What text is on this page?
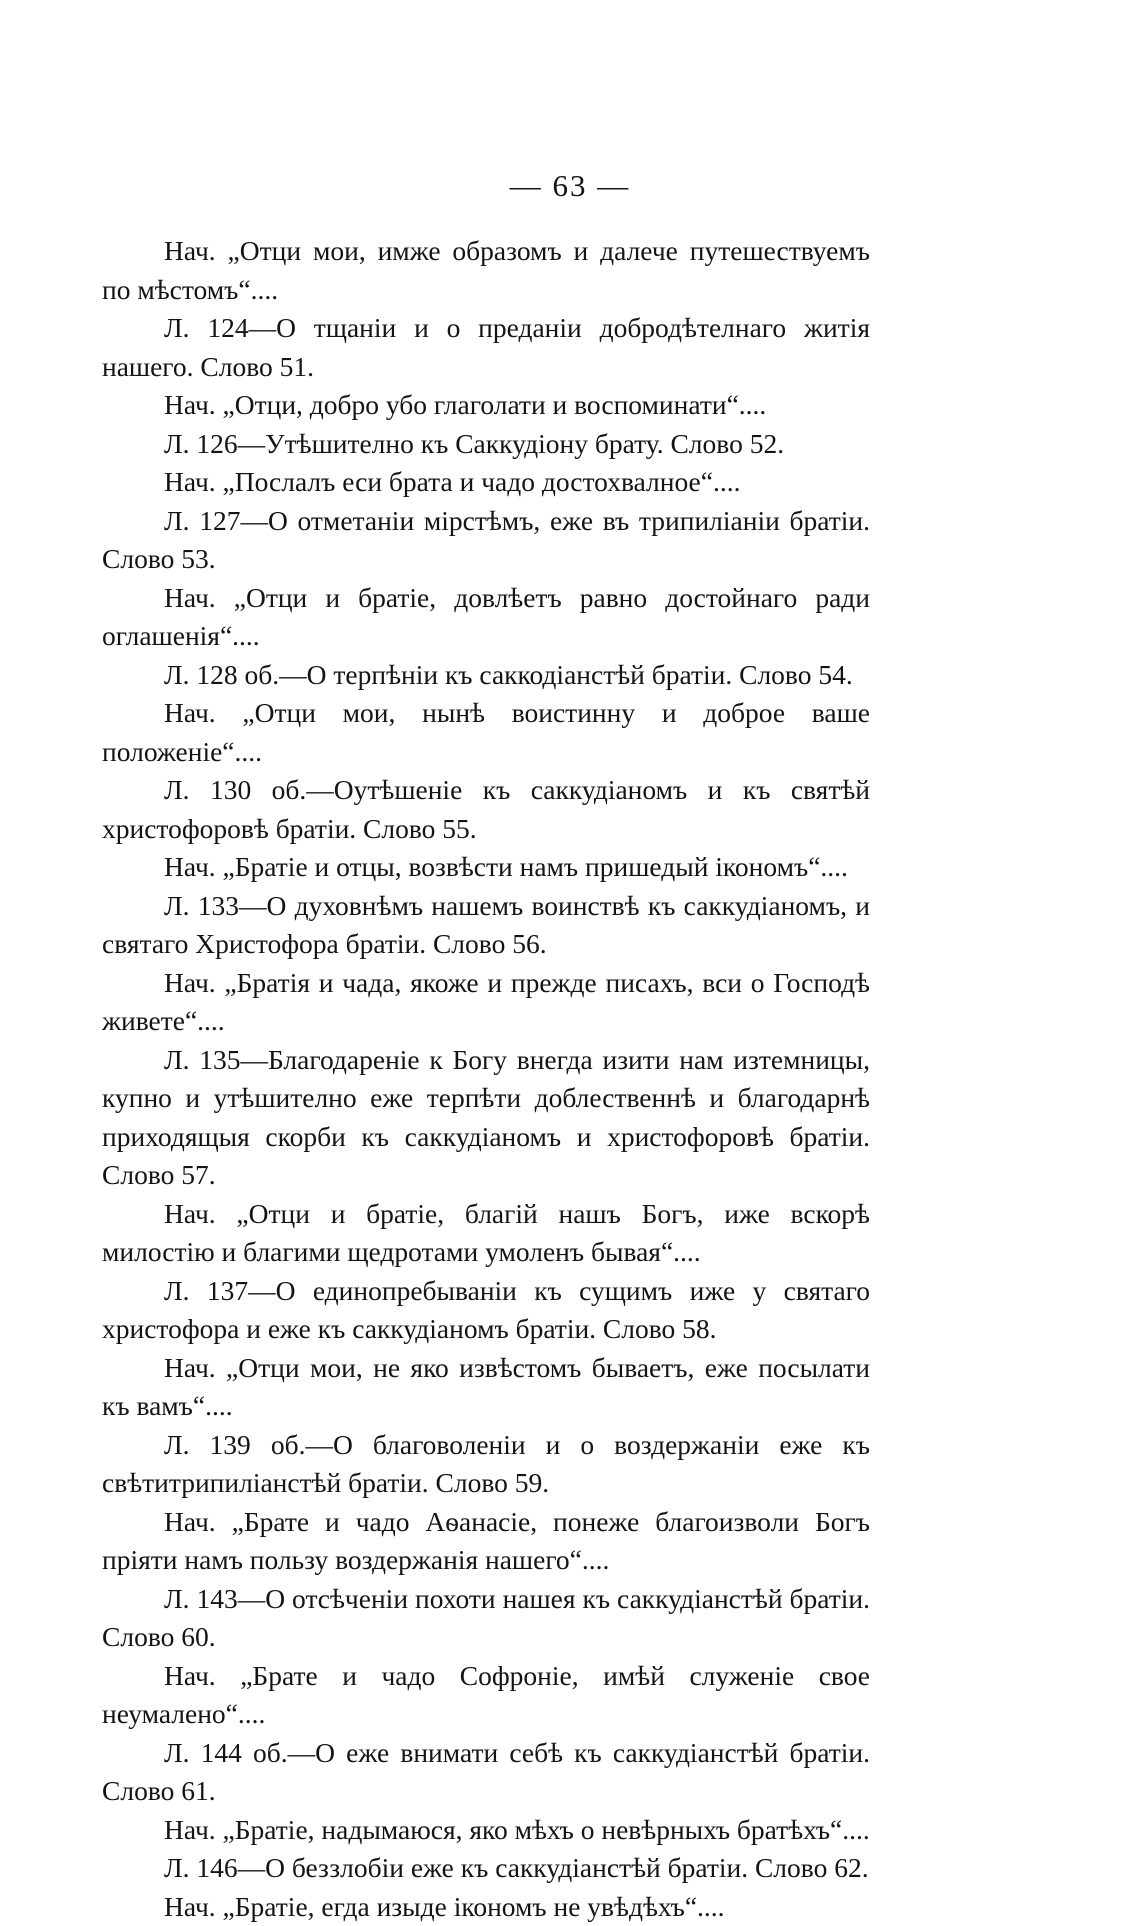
— 63 —

Нач. „Отци мои, имже образомъ и далече путешествуемъ по мѣстомъ“....

Л. 124—О тщаніи и о преданіи добродѣтелнаго житія нашего. Слово 51.

Нач. „Отци, добро убо глаголати и воспоминати“....

Л. 126—Утѣшително къ Саккудіону брату. Слово 52.

Нач. „Послалъ еси брата и чадо достохвалное“....

Л. 127—О отметаніи мірстѣмъ, еже въ трипиліаніи братіи. Слово 53.

Нач. „Отци и братіе, довлѣетъ равно достойнаго ради оглашенія“....

Л. 128 об.—О терпѣніи къ саккодіанстѣй братіи. Слово 54.

Нач. „Отци мои, нынѣ воистинну и доброе ваше положеніе“....

Л. 130 об.—Оутѣшеніе къ саккудіаномъ и къ святѣй христофоровѣ братіи. Слово 55.

Нач. „Братіе и отцы, возвѣсти намъ пришедый ікономъ“....

Л. 133—О духовнѣмъ нашемъ воинствѣ къ саккудіаномъ, и святаго Христофора братіи. Слово 56.

Нач. „Братія и чада, якоже и прежде писахъ, вси о Господѣ живете“....

Л. 135—Благодареніе к Богу внегда изити нам изтемницы, купно и утѣшително еже терпѣти доблественнѣ и благодарнѣ приходящыя скорби къ саккудіаномъ и христофоровѣ братіи. Слово 57.

Нач. „Отци и братіе, благій нашъ Богъ, иже вскорѣ милостію и благими щедротами умоленъ бывая“....

Л. 137—О единопребываніи къ сущимъ иже у святаго христофора и еже къ саккудіаномъ братіи. Слово 58.

Нач. „Отци мои, не яко извѣстомъ бываетъ, еже посылати къ вамъ“....

Л. 139 об.—О благоволеніи и о воздержаніи еже къ свѣтитрипиліанстѣй братіи. Слово 59.

Нач. „Брате и чадо Аѳанасіе, понеже благоизволи Богъ пріяти намъ пользу воздержанія нашего“....

Л. 143—О отсѣченіи похоти нашея къ саккудіанстѣй братіи. Слово 60.

Нач. „Брате и чадо Софроніе, имѣй служеніе свое неумалено“....

Л. 144 об.—О еже внимати себѣ къ саккудіанстѣй братіи. Слово 61.

Нач. „Братіе, надымаюся, яко мѣхъ о невѣрныхъ братѣхъ“....

Л. 146—О беззлобіи еже къ саккудіанстѣй братіи. Слово 62.

Нач. „Братіе, егда изыде ікономъ не увѣдѣхъ“....
